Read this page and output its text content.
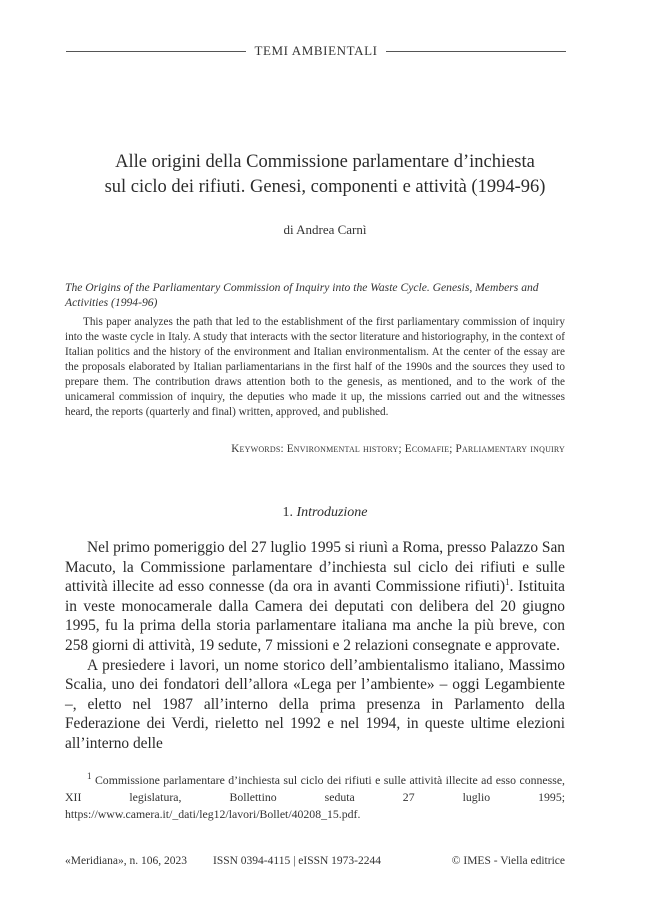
TEMI AMBIENTALI
Alle origini della Commissione parlamentare d’inchiesta
sul ciclo dei rifiuti. Genesi, componenti e attività (1994-96)
di Andrea Carnì
The Origins of the Parliamentary Commission of Inquiry into the Waste Cycle. Genesis, Members and Activities (1994-96)

This paper analyzes the path that led to the establishment of the first parliamentary commission of inquiry into the waste cycle in Italy. A study that interacts with the sector literature and historiography, in the context of Italian politics and the history of the environment and Italian environmentalism. At the center of the essay are the proposals elaborated by Italian parliamentarians in the first half of the 1990s and the sources they used to prepare them. The contribution draws attention both to the genesis, as mentioned, and to the work of the unicameral commission of inquiry, the deputies who made it up, the missions carried out and the witnesses heard, the reports (quarterly and final) written, approved, and published.

Keywords: Environmental history; Ecomafie; Parliamentary inquiry
1. Introduzione

Nel primo pomeriggio del 27 luglio 1995 si riunì a Roma, presso Palazzo San Macuto, la Commissione parlamentare d’inchiesta sul ciclo dei rifiuti e sulle attività illecite ad esso connesse (da ora in avanti Commissione rifiuti)$^1$. Istituita in veste monocamerale dalla Camera dei deputati con delibera del 20 giugno 1995, fu la prima della storia parlamentare italiana ma anche la più breve, con 258 giorni di attività, 19 sedute, 7 missioni e 2 relazioni consegnate e approvate.

A presiedere i lavori, un nome storico dell’ambientalismo italiano, Massimo Scalia, uno dei fondatori dell’allora «Lega per l’ambiente» – oggi Legambiente –, eletto nel 1987 all’interno della prima presenza in Parlamento della Federazione dei Verdi, rieletto nel 1992 e nel 1994, in queste ultime elezioni all’interno delle

$^1$ Commissione parlamentare d’inchiesta sul ciclo dei rifiuti e sulle attività illecite ad esso connesse, XII legislatura, Bollettino seduta 27 luglio 1995; https://www.camera.it/_dati/leg12/lavori/Bollet/40208_15.pdf.

«Meridiana», n. 106, 2023 ISSN 0394-4115 | eISSN 1973-2244	© IMES - Viella editrice
